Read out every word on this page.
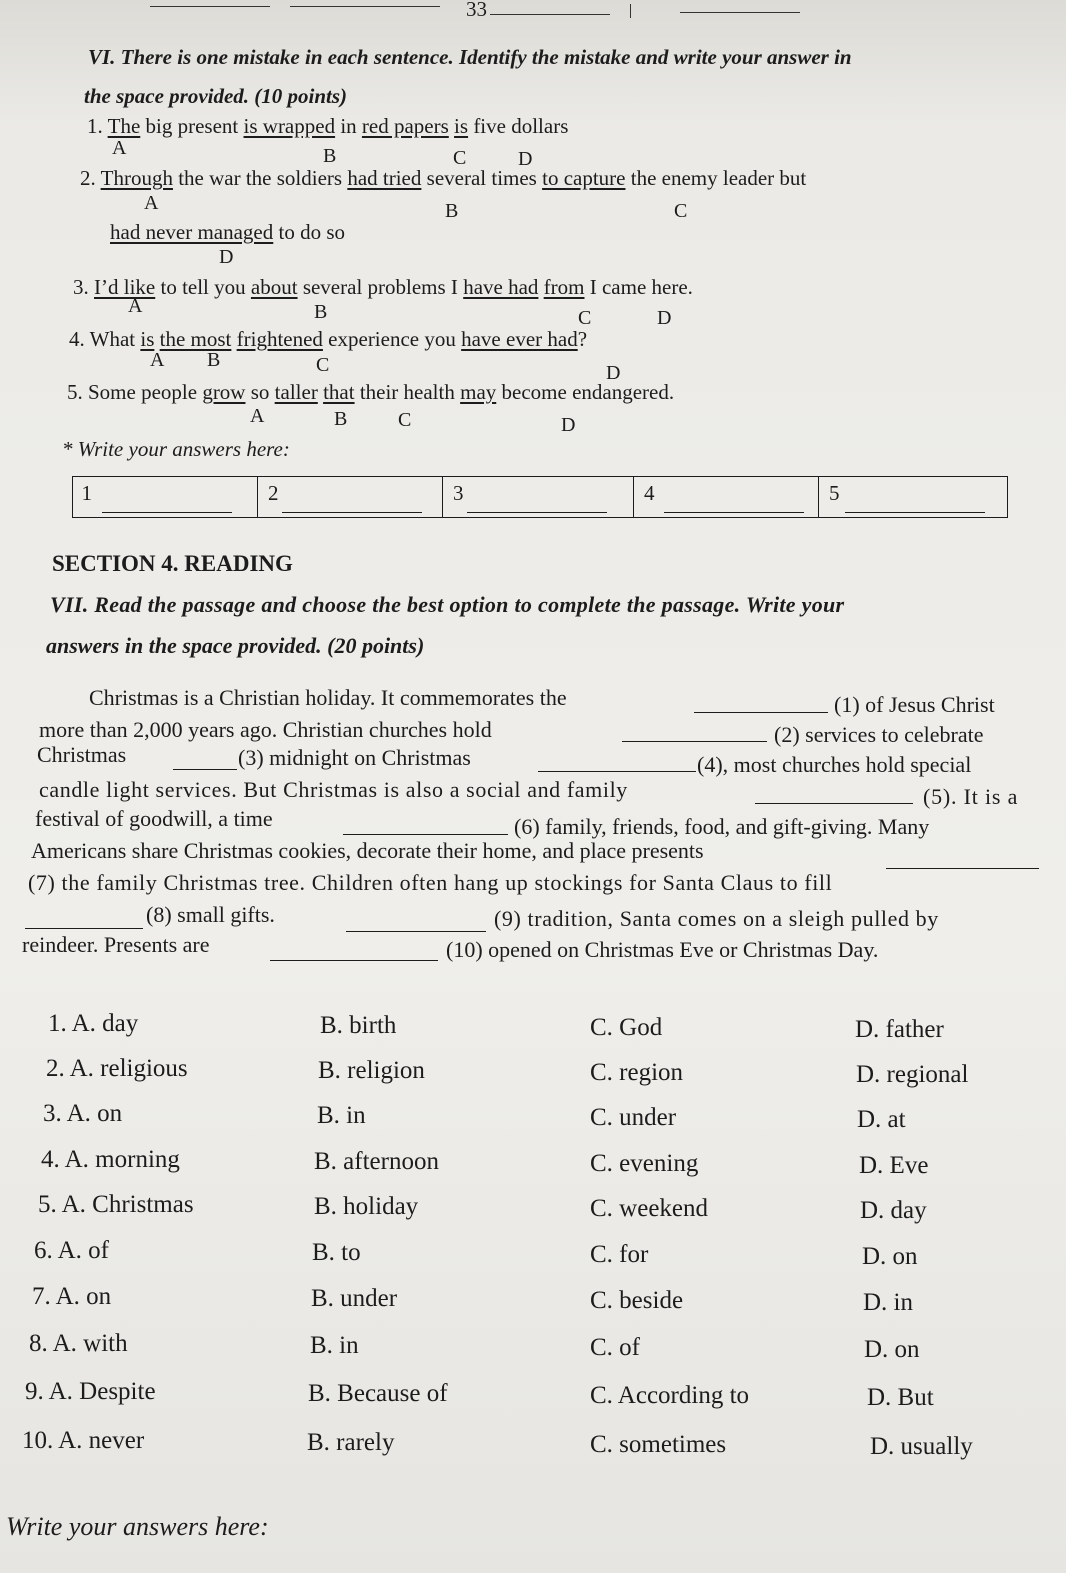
33
VI. There is one mistake in each sentence. Identify the mistake and write your answer in
the space provided. (10 points)
1. The big present is wrapped in red papers is five dollars
A	B	C	D
2. Through the war the soldiers had tried several times to capture the enemy leader but
A	B	C
had never managed to do so
D
3. I’d like to tell you about several problems I have had from I came here.
A	B	C	D
4. What is the most frightened experience you have ever had?
A B	C	D
5. Some people grow so taller that their health may become endangered.
A	B	C	D
* Write your answers here:
1	2	3	4	5
SECTION 4. READING
VII. Read the passage and choose the best option to complete the passage. Write your
answers in the space provided. (20 points)
Christmas is a Christian holiday. It commemorates the	(1) of Jesus Christ
more than 2,000 years ago. Christian churches hold	(2) services to celebrate
Christmas	(3) midnight on Christmas	(4), most churches hold special
candle light services. But Christmas is also a social and family	(5). It is a
festival of goodwill, a time	(6) family, friends, food, and gift-giving. Many
Americans share Christmas cookies, decorate their home, and place presents
(7) the family Christmas tree. Children often hang up stockings for Santa Claus to fill
(8) small gifts.	(9) tradition, Santa comes on a sleigh pulled by
reindeer. Presents are	(10) opened on Christmas Eve or Christmas Day.
1. A. day	B. birth	C. God	D. father
2. A. religious	B. religion	C. region	D. regional
3. A. on	B. in	C. under	D. at
4. A. morning	B. afternoon	C. evening	D. Eve
5. A. Christmas	B. holiday	C. weekend	D. day
6. A. of	B. to	C. for	D. on
7. A. on	B. under	C. beside	D. in
8. A. with	B. in	C. of	D. on
9. A. Despite	B. Because of	C. According to	D. But
10. A. never	B. rarely	C. sometimes	D. usually
Write your answers here:
